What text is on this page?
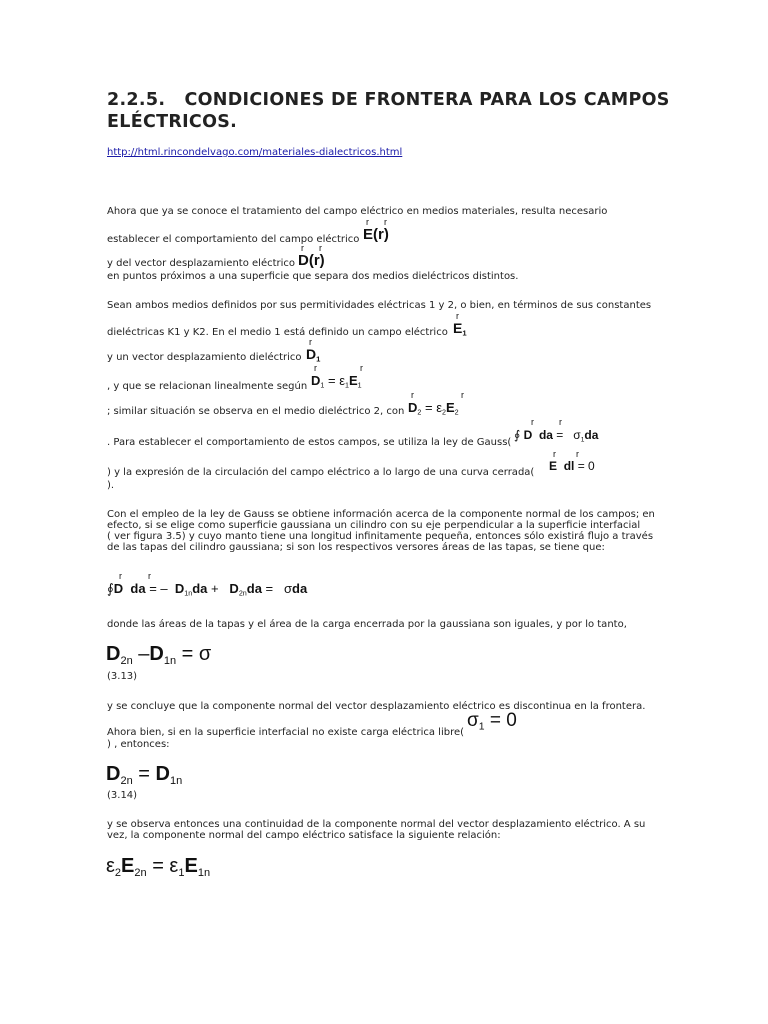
2.2.5. CONDICIONES DE FRONTERA PARA LOS CAMPOS ELÉCTRICOS.
http://html.rincondelvago.com/materiales-dialectricos.html
Ahora que ya se conoce el tratamiento del campo eléctrico en medios materiales, resulta necesario
establecer el comportamiento del campo eléctrico
r r
E(r)
y del vector desplazamiento eléctrico
r r
D(r)
en puntos próximos a una superficie que separa dos medios dieléctricos distintos.
Sean ambos medios definidos por sus permitividades eléctricas 1 y 2, o bien, en términos de sus constantes
dieléctricas K1 y K2. En el medio 1 está definido un campo eléctrico
r
$E_1$
y un vector desplazamiento dieléctrico
r
$D_1$
, y que se relacionan linealmente según
r	r
$D_1 = \varepsilon_1E_1$
; similar situación se observa en el medio dieléctrico 2, con
r	r
$D_2 = \varepsilon_2E_2$
. Para establecer el comportamiento de estos campos, se utiliza la ley de Gauss(
r	r
∮ D da =   $\sigma_1da$
) y la expresión de la circulación del campo eléctrico a lo largo de una curva cerrada(
r r
E dl = 0
).
Con el empleo de la ley de Gauss se obtiene información acerca de la componente normal de los campos; en
efecto, si se elige como superficie gaussiana un cilindro con su eje perpendicular a la superficie interfacial
( ver figura 3.5) y cuyo manto tiene una longitud infinitamente pequeña, entonces sólo existirá flujo a través
de las tapas del cilindro gaussiana; si son los respectivos versores áreas de las tapas, se tiene que:
r	r
∮D da = –  $D_{1n}da + D_{2n}da = \sigma da$
donde las áreas de la tapas y el área de la carga encerrada por la gaussiana son iguales, y por lo tanto,
$D_{2n}$ $-D_{1n} = \sigma$
(3.13)
y se concluye que la componente normal del vector desplazamiento eléctrico es discontinua en la frontera.
Ahora bien, si en la superficie interfacial no existe carga eléctrica libre(
$\sigma_1 = 0$
) , entonces:
$D_{2n} = D_{1n}$
(3.14)
y se observa entonces una continuidad de la componente normal del vector desplazamiento eléctrico. A su
vez, la componente normal del campo eléctrico satisface la siguiente relación:
$\varepsilon_2E_{2n} = \varepsilon_1E_{1n}$
